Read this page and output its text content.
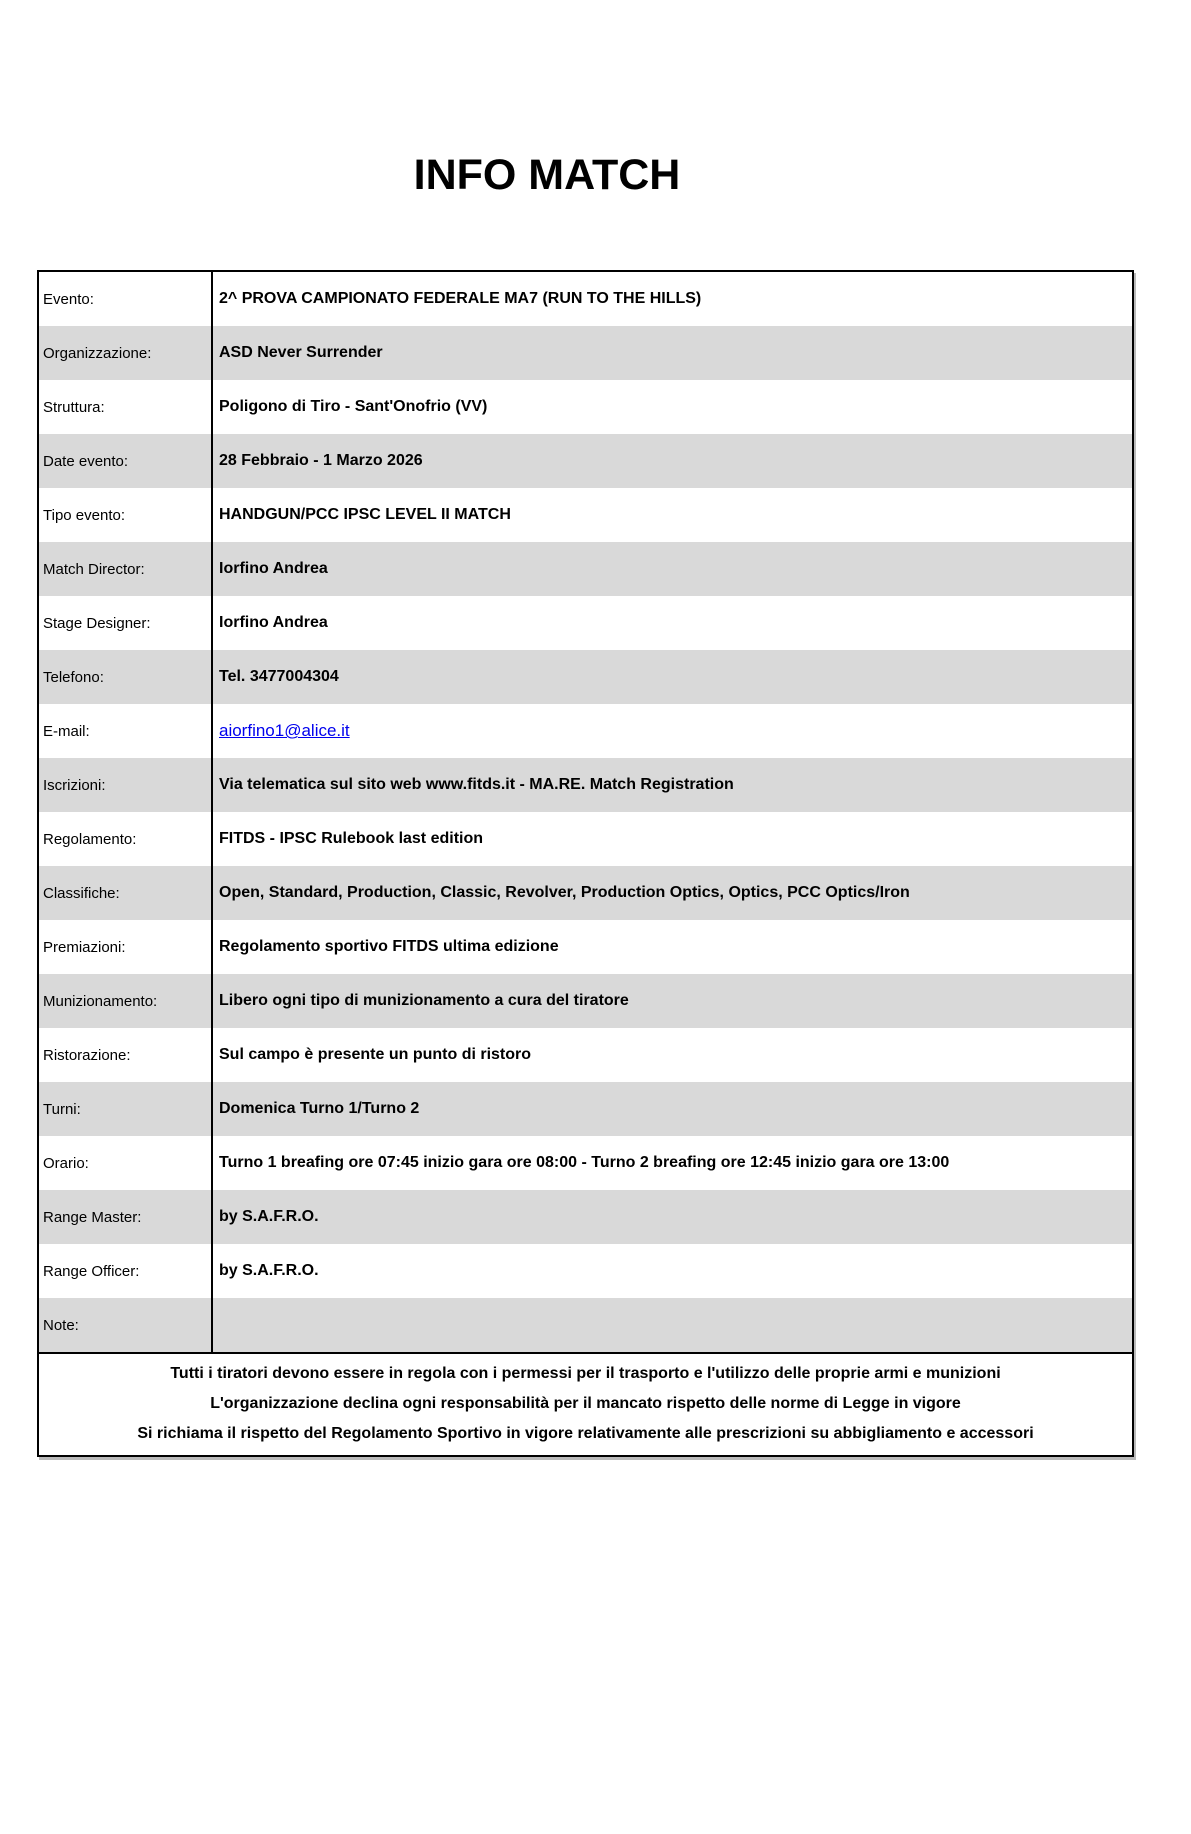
INFO MATCH
Evento:	2^ PROVA CAMPIONATO FEDERALE MA7 (RUN TO THE HILLS)
Organizzazione:	ASD Never Surrender
Struttura:	Poligono di Tiro - Sant'Onofrio (VV)
Date evento:	28 Febbraio - 1 Marzo 2026
Tipo evento:	HANDGUN/PCC IPSC LEVEL II MATCH
Match Director:	Iorfino Andrea
Stage Designer:	Iorfino Andrea
Telefono:	Tel. 3477004304
E-mail:	aiorfino1@alice.it
Iscrizioni:	Via telematica sul sito web www.fitds.it - MA.RE. Match Registration
Regolamento:	FITDS - IPSC Rulebook last edition
Classifiche:	Open, Standard, Production, Classic, Revolver, Production Optics, Optics, PCC Optics/Iron
Premiazioni:	Regolamento sportivo FITDS ultima edizione
Munizionamento:	Libero ogni tipo di munizionamento a cura del tiratore
Ristorazione:	Sul campo è presente un punto di ristoro
Turni:	Domenica Turno 1/Turno 2
Orario:	Turno 1 breafing ore 07:45 inizio gara ore 08:00 - Turno 2 breafing ore 12:45 inizio gara ore 13:00
Range Master:	by S.A.F.R.O.
Range Officer:	by S.A.F.R.O.
Note:
Tutti i tiratori devono essere in regola con i permessi per il trasporto e l'utilizzo delle proprie armi e munizioni
L'organizzazione declina ogni responsabilità per il mancato rispetto delle norme di Legge in vigore
Si richiama il rispetto del Regolamento Sportivo in vigore relativamente alle prescrizioni su abbigliamento e accessori
